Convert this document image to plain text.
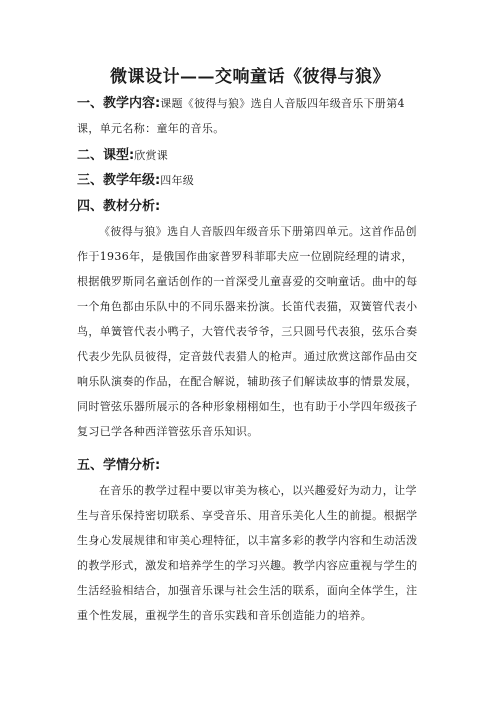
微课设计——交响童话《彼得与狼》
一、教学内容:课题《彼得与狼》选自人音版四年级音乐下册第4
课，单元名称：童年的音乐。
二、课型:欣赏课
三、教学年级:四年级
四、教材分析:
《彼得与狼》选自人音版四年级音乐下册第四单元。这首作品创
作于1936年，是俄国作曲家普罗科菲耶夫应一位剧院经理的请求，
根据俄罗斯同名童话创作的一首深受儿童喜爱的交响童话。曲中的每
一个角色都由乐队中的不同乐器来扮演。长笛代表猫，双簧管代表小
鸟，单簧管代表小鸭子，大管代表爷爷，三只圆号代表狼，弦乐合奏
代表少先队员彼得，定音鼓代表猎人的枪声。通过欣赏这部作品由交
响乐队演奏的作品，在配合解说，辅助孩子们解读故事的情景发展，
同时管弦乐器所展示的各种形象栩栩如生，也有助于小学四年级孩子
复习已学各种西洋管弦乐音乐知识。
五、学情分析:
在音乐的教学过程中要以审美为核心，以兴趣爱好为动力，让学
生与音乐保持密切联系、享受音乐、用音乐美化人生的前提。根据学
生身心发展规律和审美心理特征，以丰富多彩的教学内容和生动活泼
的教学形式，激发和培养学生的学习兴趣。教学内容应重视与学生的
生活经验相结合，加强音乐课与社会生活的联系，面向全体学生，注
重个性发展，重视学生的音乐实践和音乐创造能力的培养。
